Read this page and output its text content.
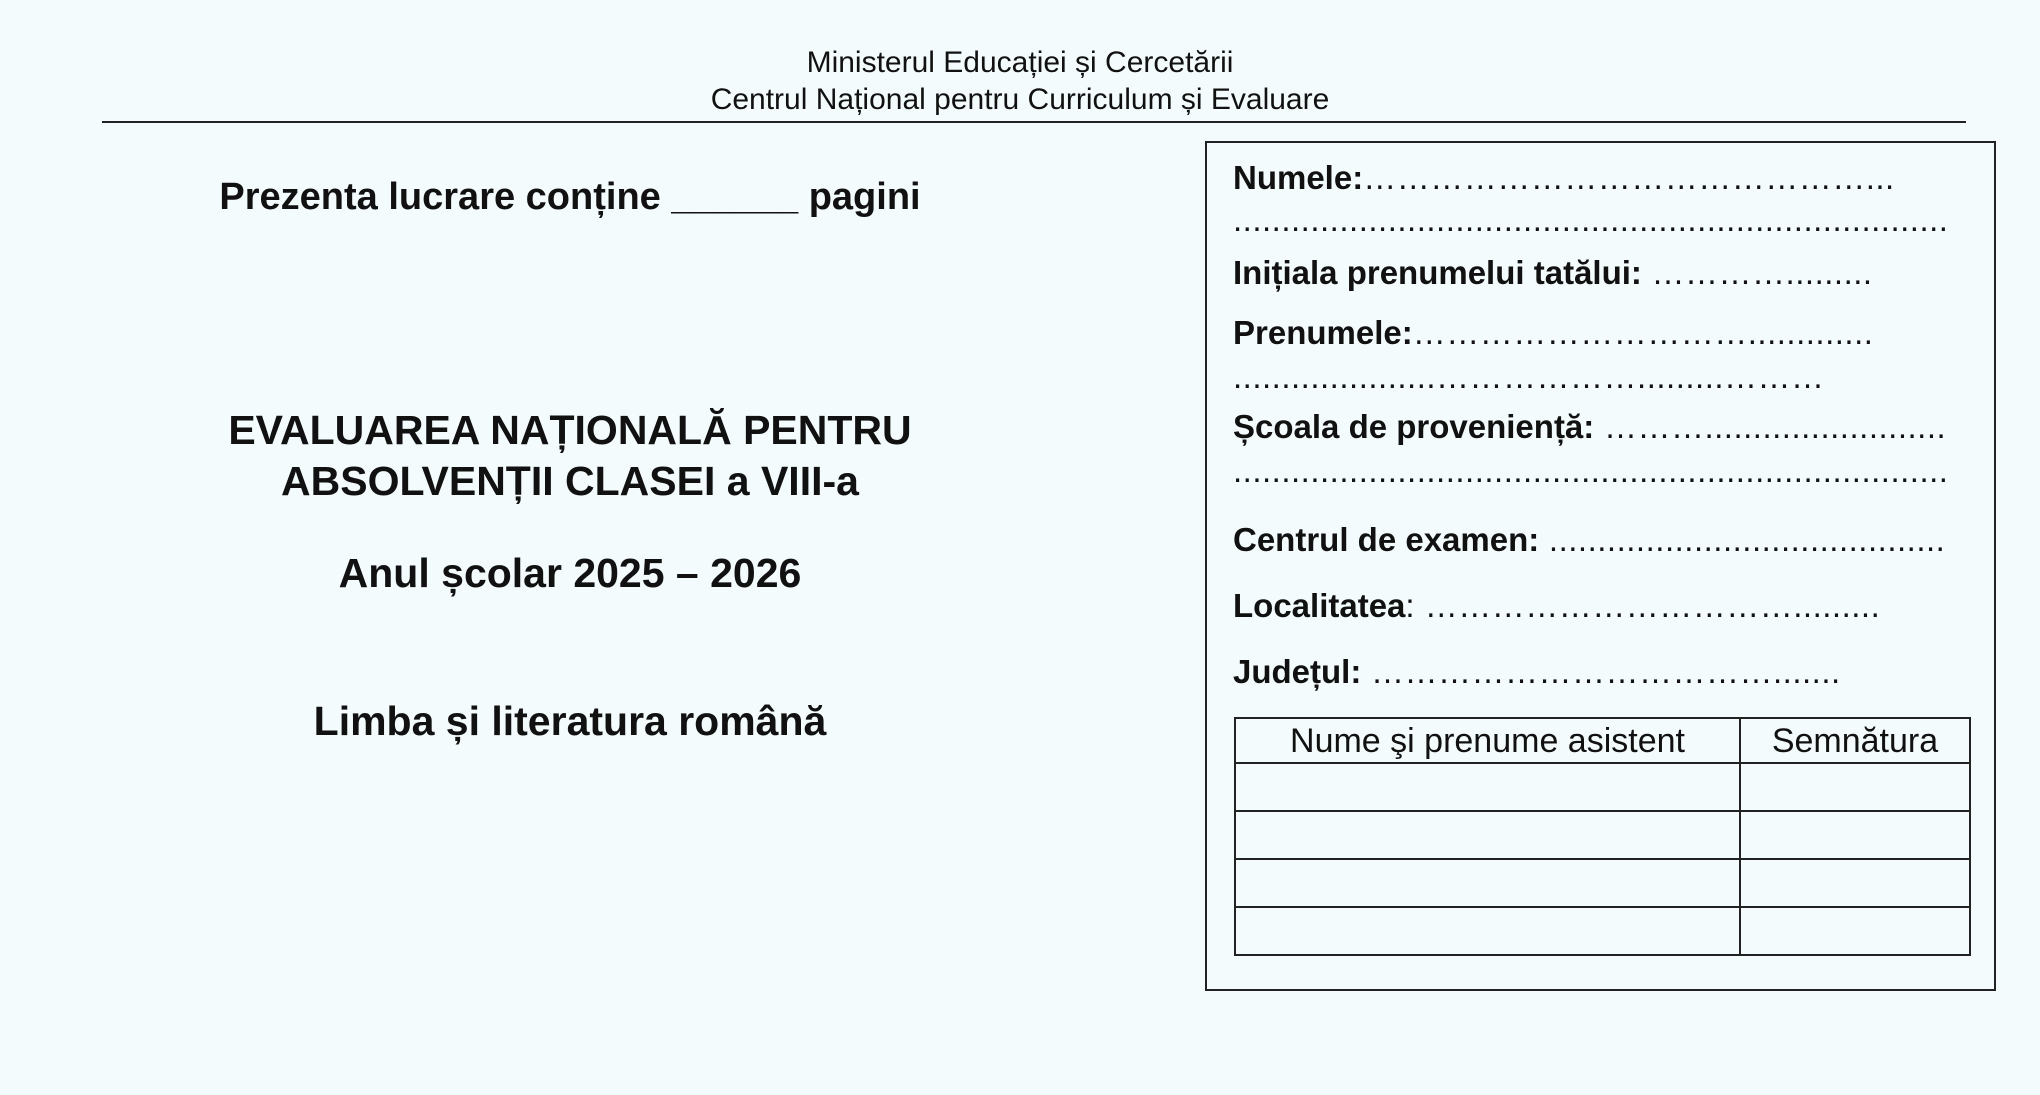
Ministerul Educației și Cercetării
Centrul Național pentru Curriculum și Evaluare
Prezenta lucrare conține ______ pagini
EVALUAREA NAȚIONALĂ PENTRU
ABSOLVENȚII CLASEI a VIII-a
Anul școlar 2025 – 2026
Limba și literatura română
Numele:………………………………………...
..........................................................................
Inițiala prenumelui tatălui: ………….........
Prenumele:………………………….............
.....................……………….........………
Școala de proveniență: ……….........................
..........................................................................
Centrul de examen: .........................................
Localitatea: …………………………….........
Județul: ……………………………….......
Nume şi prenume asistent	Semnătura
